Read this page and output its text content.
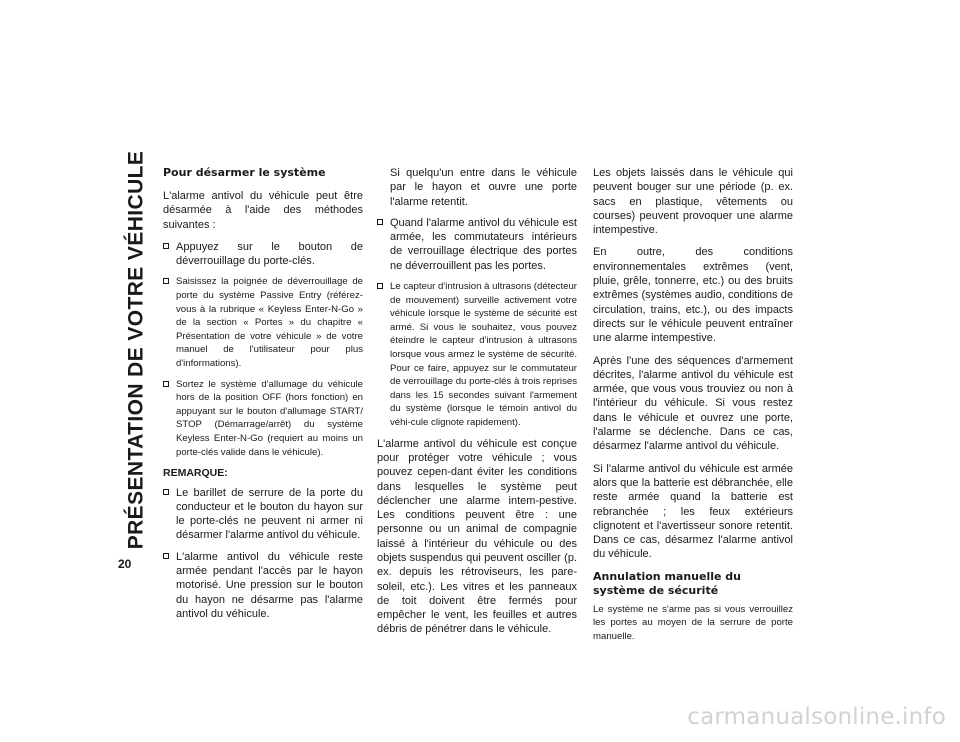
PRÉSENTATION DE VOTRE VÉHICULE
20
Pour désarmer le système

L'alarme antivol du véhicule peut être désarmée à l'aide des méthodes suivantes :

Appuyez sur le bouton de déverrouillage du porte-clés.
Saisissez la poignée de déverrouillage de porte du système Passive Entry (référez-vous à la rubrique « Keyless Enter-N-Go » de la section « Portes » du chapitre « Présentation de votre véhicule » de votre manuel de l'utilisateur pour plus d'informations).
Sortez le système d'allumage du véhicule hors de la position OFF (hors fonction) en appuyant sur le bouton d'allumage START/ STOP (Démarrage/arrêt) du système Keyless Enter-N-Go (requiert au moins un porte-clés valide dans le véhicule).
REMARQUE:
Le barillet de serrure de la porte du conducteur et le bouton du hayon sur le porte-clés ne peuvent ni armer ni désarmer l'alarme antivol du véhicule.
L'alarme antivol du véhicule reste armée pendant l'accès par le hayon motorisé. Une pression sur le bouton du hayon ne désarme pas l'alarme antivol du véhicule.
Si quelqu'un entre dans le véhicule par le hayon et ouvre une porte l'alarme retentit.
Quand l'alarme antivol du véhicule est armée, les commutateurs intérieurs de verrouillage électrique des portes ne déverrouillent pas les portes.
Le capteur d'intrusion à ultrasons (détecteur de mouvement) surveille activement votre véhicule lorsque le système de sécurité est armé. Si vous le souhaitez, vous pouvez éteindre le capteur d'intrusion à ultrasons lorsque vous armez le système de sécurité. Pour ce faire, appuyez sur le commutateur de verrouillage du porte-clés à trois reprises dans les 15 secondes suivant l'armement du système (lorsque le témoin antivol du véhi-cule clignote rapidement).

L'alarme antivol du véhicule est conçue pour protéger votre véhicule ; vous pouvez cepen-dant éviter les conditions dans lesquelles le système peut déclencher une alarme intem-pestive. Les conditions peuvent être : une personne ou un animal de compagnie laissé à l'intérieur du véhicule ou des objets suspendus qui peuvent osciller (p. ex. depuis les rétroviseurs, les pare-soleil, etc.). Les vitres et les panneaux de toit doivent être fermés pour empêcher le vent, les feuilles et autres débris de pénétrer dans le véhicule.

Les objets laissés dans le véhicule qui peuvent bouger sur une période (p. ex. sacs en plastique, vêtements ou courses) peuvent provoquer une alarme intempestive.

En outre, des conditions environnementales extrêmes (vent, pluie, grêle, tonnerre, etc.) ou des bruits extrêmes (systèmes audio, conditions de circulation, trains, etc.), ou des impacts directs sur le véhicule peuvent entraîner une alarme intempestive.

Après l'une des séquences d'armement décrites, l'alarme antivol du véhicule est armée, que vous vous trouviez ou non à l'intérieur du véhicule. Si vous restez dans le véhicule et ouvrez une porte, l'alarme se déclenche. Dans ce cas, désarmez l'alarme antivol du véhicule.

Si l'alarme antivol du véhicule est armée alors que la batterie est débranchée, elle reste armée quand la batterie est rebranchée ; les feux extérieurs clignotent et l'avertisseur sonore retentit. Dans ce cas, désarmez l'alarme antivol du véhicule.

Annulation manuelle du système de sécurité
Le système ne s'arme pas si vous verrouillez les portes au moyen de la serrure de porte manuelle.
carmanualsonline.info
